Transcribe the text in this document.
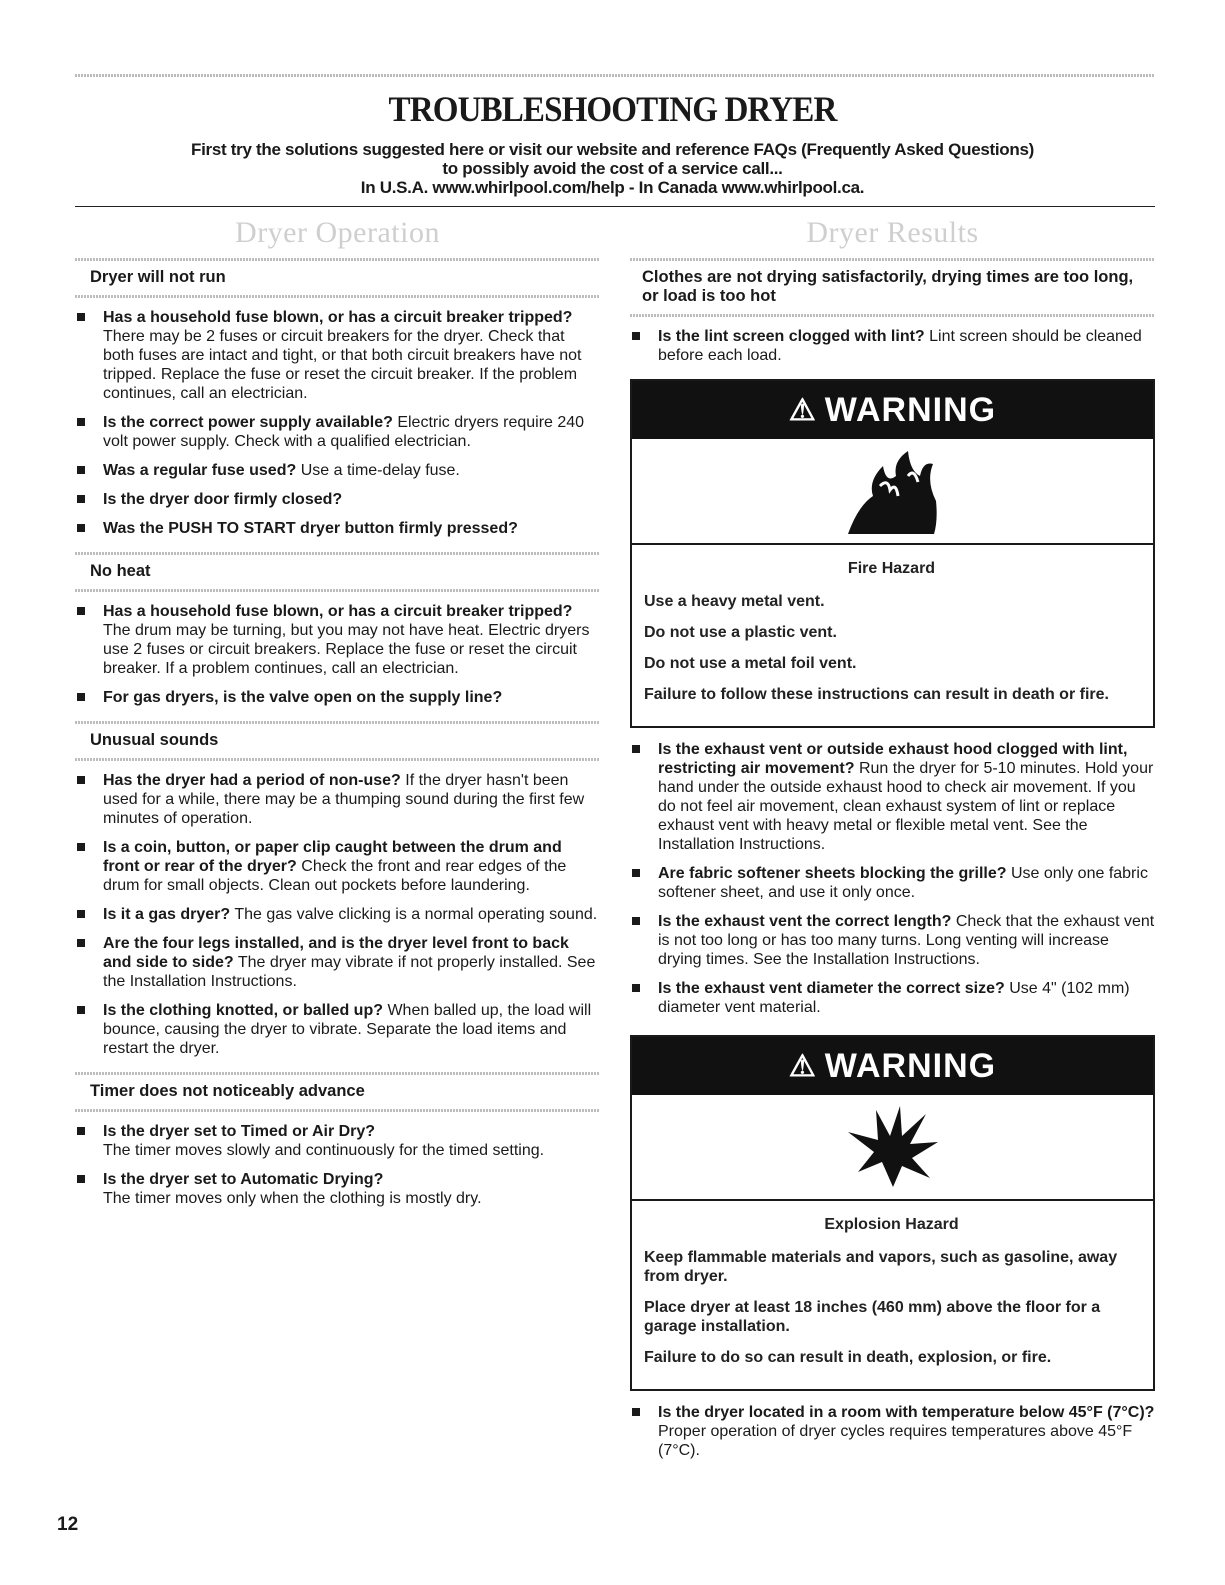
TROUBLESHOOTING DRYER
First try the solutions suggested here or visit our website and reference FAQs (Frequently Asked Questions)
to possibly avoid the cost of a service call...
In U.S.A. www.whirlpool.com/help - In Canada www.whirlpool.ca.
Dryer Operation
Dryer will not run
Has a household fuse blown, or has a circuit breaker tripped? There may be 2 fuses or circuit breakers for the dryer. Check that both fuses are intact and tight, or that both circuit breakers have not tripped. Replace the fuse or reset the circuit breaker. If the problem continues, call an electrician.
Is the correct power supply available? Electric dryers require 240 volt power supply. Check with a qualified electrician.
Was a regular fuse used? Use a time-delay fuse.
Is the dryer door firmly closed?
Was the PUSH TO START dryer button firmly pressed?
No heat
Has a household fuse blown, or has a circuit breaker tripped? The drum may be turning, but you may not have heat. Electric dryers use 2 fuses or circuit breakers. Replace the fuse or reset the circuit breaker. If a problem continues, call an electrician.
For gas dryers, is the valve open on the supply line?
Unusual sounds
Has the dryer had a period of non-use? If the dryer hasn't been used for a while, there may be a thumping sound during the first few minutes of operation.
Is a coin, button, or paper clip caught between the drum and front or rear of the dryer? Check the front and rear edges of the drum for small objects. Clean out pockets before laundering.
Is it a gas dryer? The gas valve clicking is a normal operating sound.
Are the four legs installed, and is the dryer level front to back and side to side? The dryer may vibrate if not properly installed. See the Installation Instructions.
Is the clothing knotted, or balled up? When balled up, the load will bounce, causing the dryer to vibrate. Separate the load items and restart the dryer.
Timer does not noticeably advance
Is the dryer set to Timed or Air Dry?
The timer moves slowly and continuously for the timed setting.
Is the dryer set to Automatic Drying?
The timer moves only when the clothing is mostly dry.
Dryer Results
Clothes are not drying satisfactorily, drying times are too long, or load is too hot
Is the lint screen clogged with lint? Lint screen should be cleaned before each load.
⚠ WARNING
Fire Hazard

Use a heavy metal vent.

Do not use a plastic vent.

Do not use a metal foil vent.

Failure to follow these instructions can result in death or fire.

Is the exhaust vent or outside exhaust hood clogged with lint, restricting air movement? Run the dryer for 5-10 minutes. Hold your hand under the outside exhaust hood to check air movement. If you do not feel air movement, clean exhaust system of lint or replace exhaust vent with heavy metal or flexible metal vent. See the Installation Instructions.
Are fabric softener sheets blocking the grille? Use only one fabric softener sheet, and use it only once.
Is the exhaust vent the correct length? Check that the exhaust vent is not too long or has too many turns. Long venting will increase drying times. See the Installation Instructions.
Is the exhaust vent diameter the correct size? Use 4" (102 mm) diameter vent material.
⚠ WARNING
Explosion Hazard

Keep flammable materials and vapors, such as gasoline, away from dryer.

Place dryer at least 18 inches (460 mm) above the floor for a garage installation.

Failure to do so can result in death, explosion, or fire.

Is the dryer located in a room with temperature below 45°F (7°C)? Proper operation of dryer cycles requires temperatures above 45°F (7°C).
12
